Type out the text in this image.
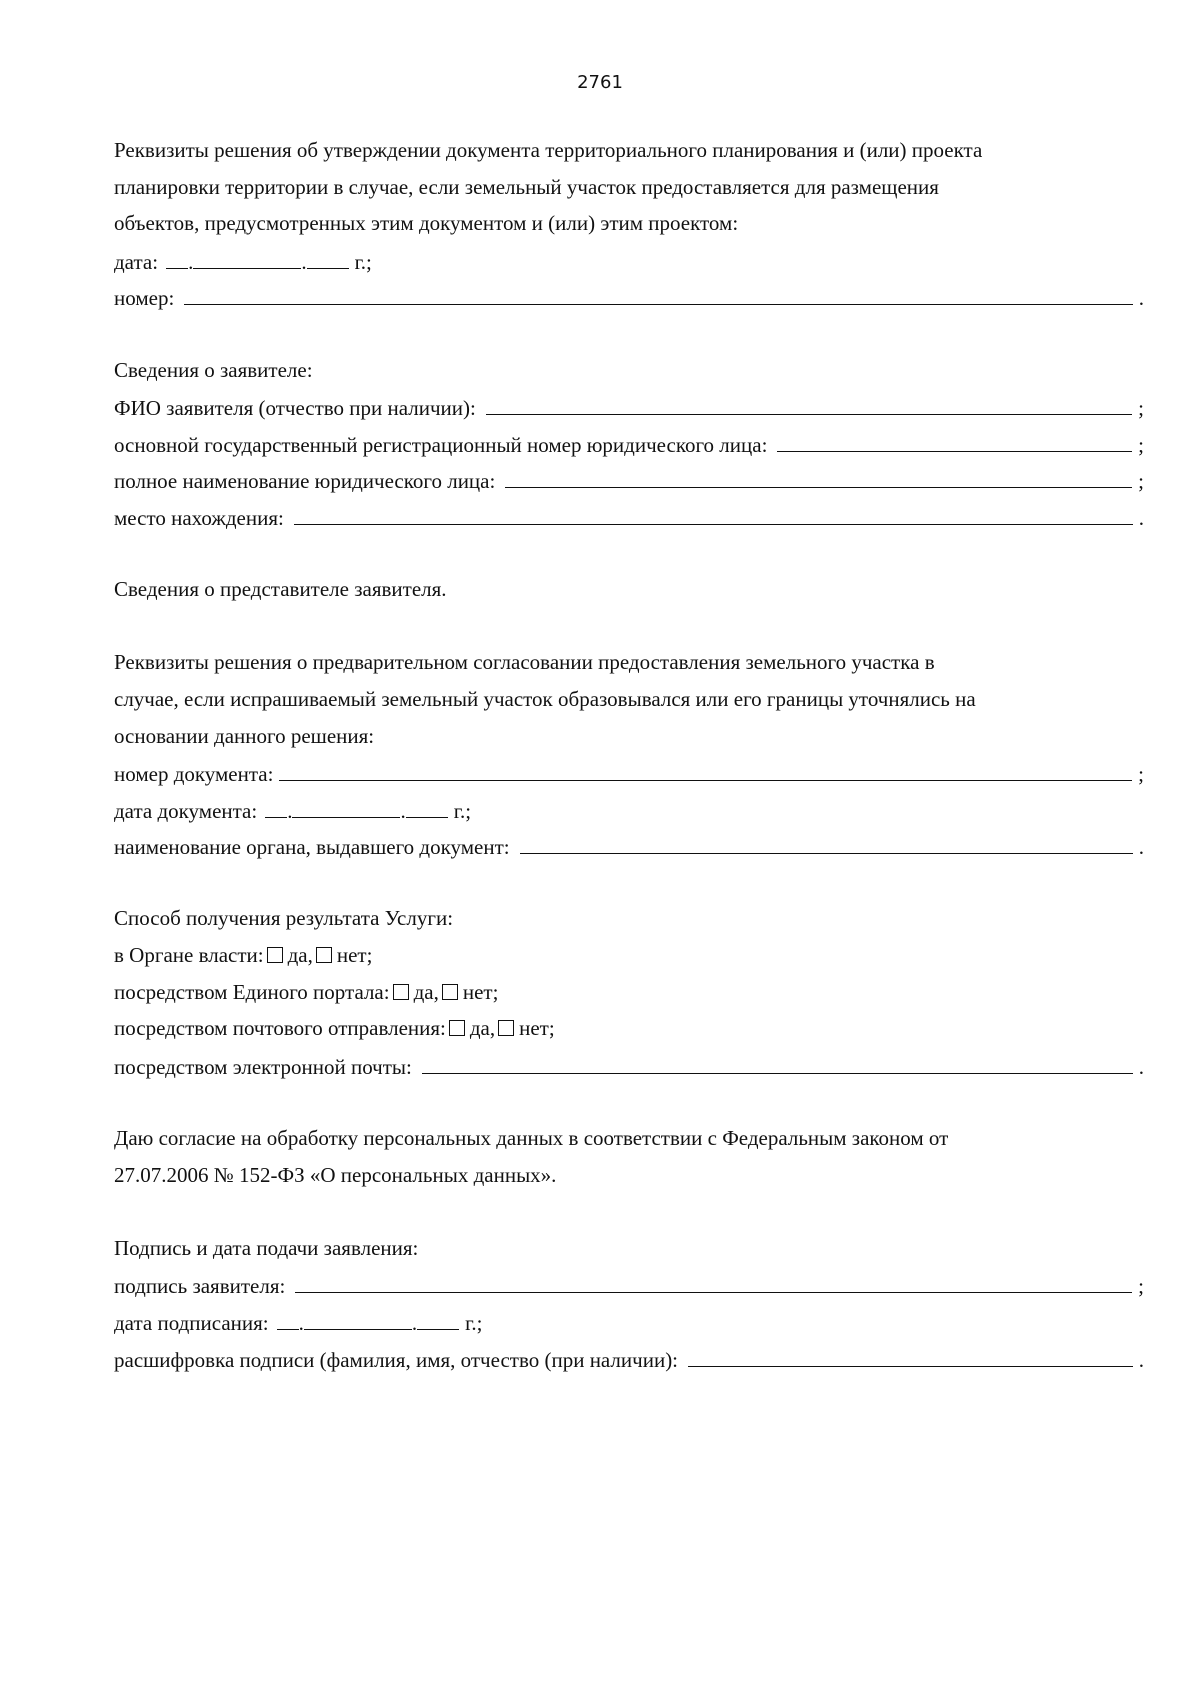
2761
Реквизиты решения об утверждении документа территориального планирования и (или) проекта
планировки территории в случае, если земельный участок предоставляется для размещения
объектов, предусмотренных этим документом и (или) этим проектом:
дата: .	. г.;
номер:	.
Сведения о заявителе:
ФИО заявителя (отчество при наличии):	;
основной государственный регистрационный номер юридического лица:	;
полное наименование юридического лица:	;
место нахождения:	.
Сведения о представителе заявителя.
Реквизиты решения о предварительном согласовании предоставления земельного участка в
случае, если испрашиваемый земельный участок образовывался или его границы уточнялись на
основании данного решения:
номер документа:	;
дата документа: .	. г.;
наименование органа, выдавшего документ:	.
Способ получения результата Услуги:
в Органе власти: да, нет;
посредством Единого портала: да, нет;
посредством почтового отправления: да, нет;
посредством электронной почты:	.
Даю согласие на обработку персональных данных в соответствии с Федеральным законом от
27.07.2006 № 152-ФЗ «О персональных данных».
Подпись и дата подачи заявления:
подпись заявителя:	;
дата подписания: .	. г.;
расшифровка подписи (фамилия, имя, отчество (при наличии):	.
